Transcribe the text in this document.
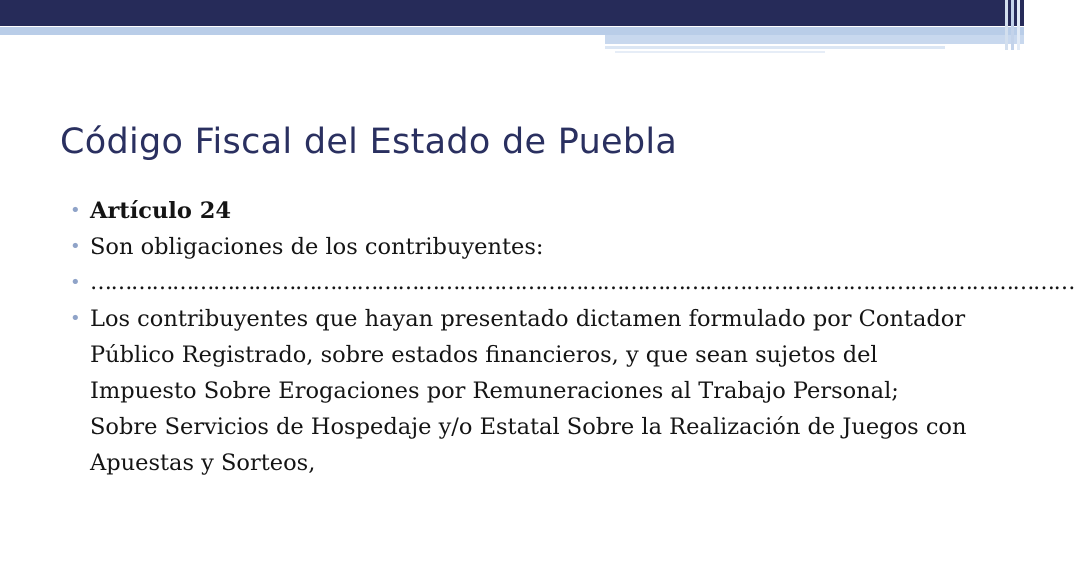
Código Fiscal del Estado de Puebla
• Artículo 24
• Son obligaciones de los contribuyentes:
• ………………………………………………………………………………………………………………………………
• Los contribuyentes que hayan presentado dictamen formulado por Contador Público Registrado, sobre estados financieros, y que sean sujetos del Impuesto Sobre Erogaciones por Remuneraciones al Trabajo Personal; Sobre Servicios de Hospedaje y/o Estatal Sobre la Realización de Juegos con Apuestas y Sorteos,
